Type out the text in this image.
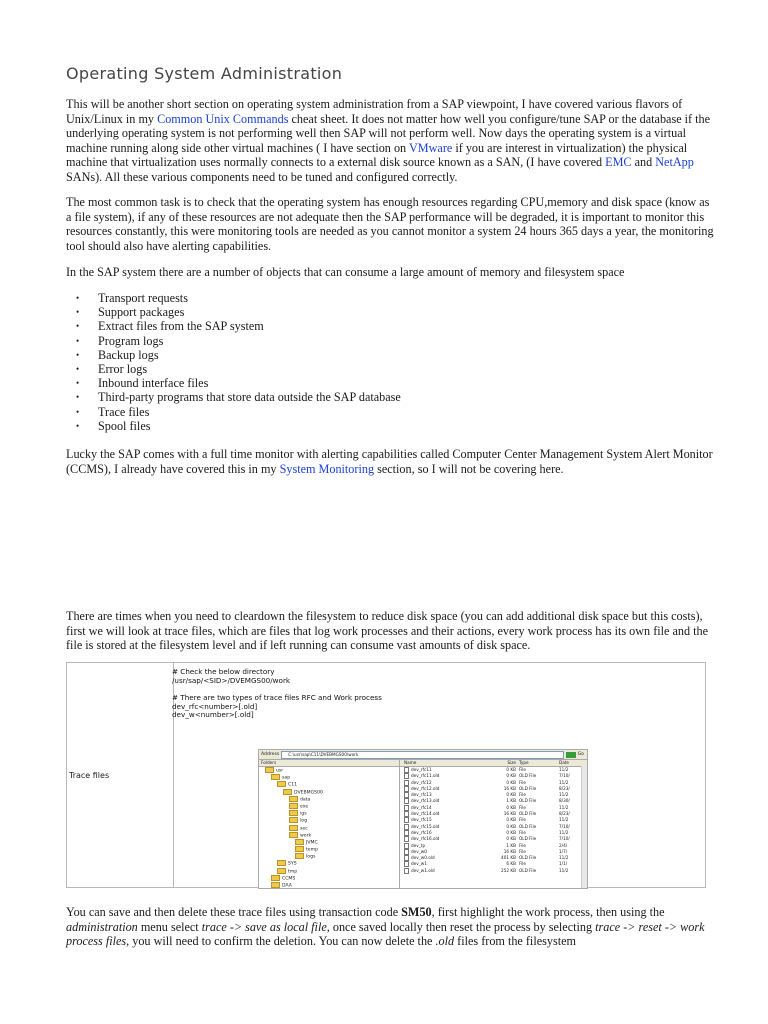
Operating System Administration

This will be another short section on operating system administration from a SAP viewpoint, I have covered various flavors of Unix/Linux in my Common Unix Commands cheat sheet. It does not matter how well you configure/tune SAP or the database if the underlying operating system is not performing well then SAP will not perform well. Now days the operating system is a virtual machine running along side other virtual machines ( I have section on VMware if you are interest in virtualization) the physical machine that virtualization uses normally connects to a external disk source known as a SAN, (I have covered EMC and NetApp SANs). All these various components need to be tuned and configured correctly.

The most common task is to check that the operating system has enough resources regarding CPU,memory and disk space (know as a file system), if any of these resources are not adequate then the SAP performance will be degraded, it is important to monitor this resources constantly, this were monitoring tools are needed as you cannot monitor a system 24 hours 365 days a year, the monitoring tool should also have alerting capabilities.

In the SAP system there are a number of objects that can consume a large amount of memory and filesystem space

• Transport requests
• Support packages
• Extract files from the SAP system
• Program logs
• Backup logs
• Error logs
• Inbound interface files
• Third-party programs that store data outside the SAP database
• Trace files
• Spool files

Lucky the SAP comes with a full time monitor with alerting capabilities called Computer Center Management System Alert Monitor (CCMS), I already have covered this in my System Monitoring section, so I will not be covering here.

There are times when you need to cleardown the filesystem to reduce disk space (you can add additional disk space but this costs), first we will look at trace files, which are files that log work processes and their actions, every work process has its own file and the file is stored at the filesystem level and if left running can consume vast amounts of disk space.

Trace files	
# Check the below directory
/usr/sap/<SID>/DVEMGS00/work
# There are two types of trace files RFC and Work process
dev_rfc<number>[.old]
dev_w<number>[.old]
Address	C:\usr\sap\C11\DVEBMGS00\work	Go
Folders
usr
sap
C11
DVEBMGS00
data
exe
igs
log
sec
work
JVMC
temp
logs
SYS
tmp
CCMS
DAA
Name	Size Type	Date
dev_rfc11	0 KB File	11/2
dev_rfc11.old	0 KB OLD File	7/10/
dev_rfc12	0 KB File	11/2
dev_rfc12.old	16 KB OLD File	8/23/
dev_rfc13	0 KB File	11/2
dev_rfc13.old	1 KB OLD File	8/30/
dev_rfc14	0 KB File	11/2
dev_rfc14.old	16 KB OLD File	8/23/
dev_rfc15	0 KB File	11/2
dev_rfc15.old	0 KB OLD File	7/10/
dev_rfc16	0 KB File	11/2
dev_rfc16.old	0 KB OLD File	7/10/
dev_tp	1 KB File	2/4/
dev_w0	16 KB File	1/7/
dev_w0.old	401 KB OLD File	11/2
dev_w1	6 KB File	1/1/
dev_w1.old	252 KB OLD File	11/2

You can save and then delete these trace files using transaction code SM50, first highlight the work process, then using the administration menu select trace -> save as local file, once saved locally then reset the process by selecting trace -> reset -> work process files, you will need to confirm the deletion. You can now delete the .old files from the filesystem
